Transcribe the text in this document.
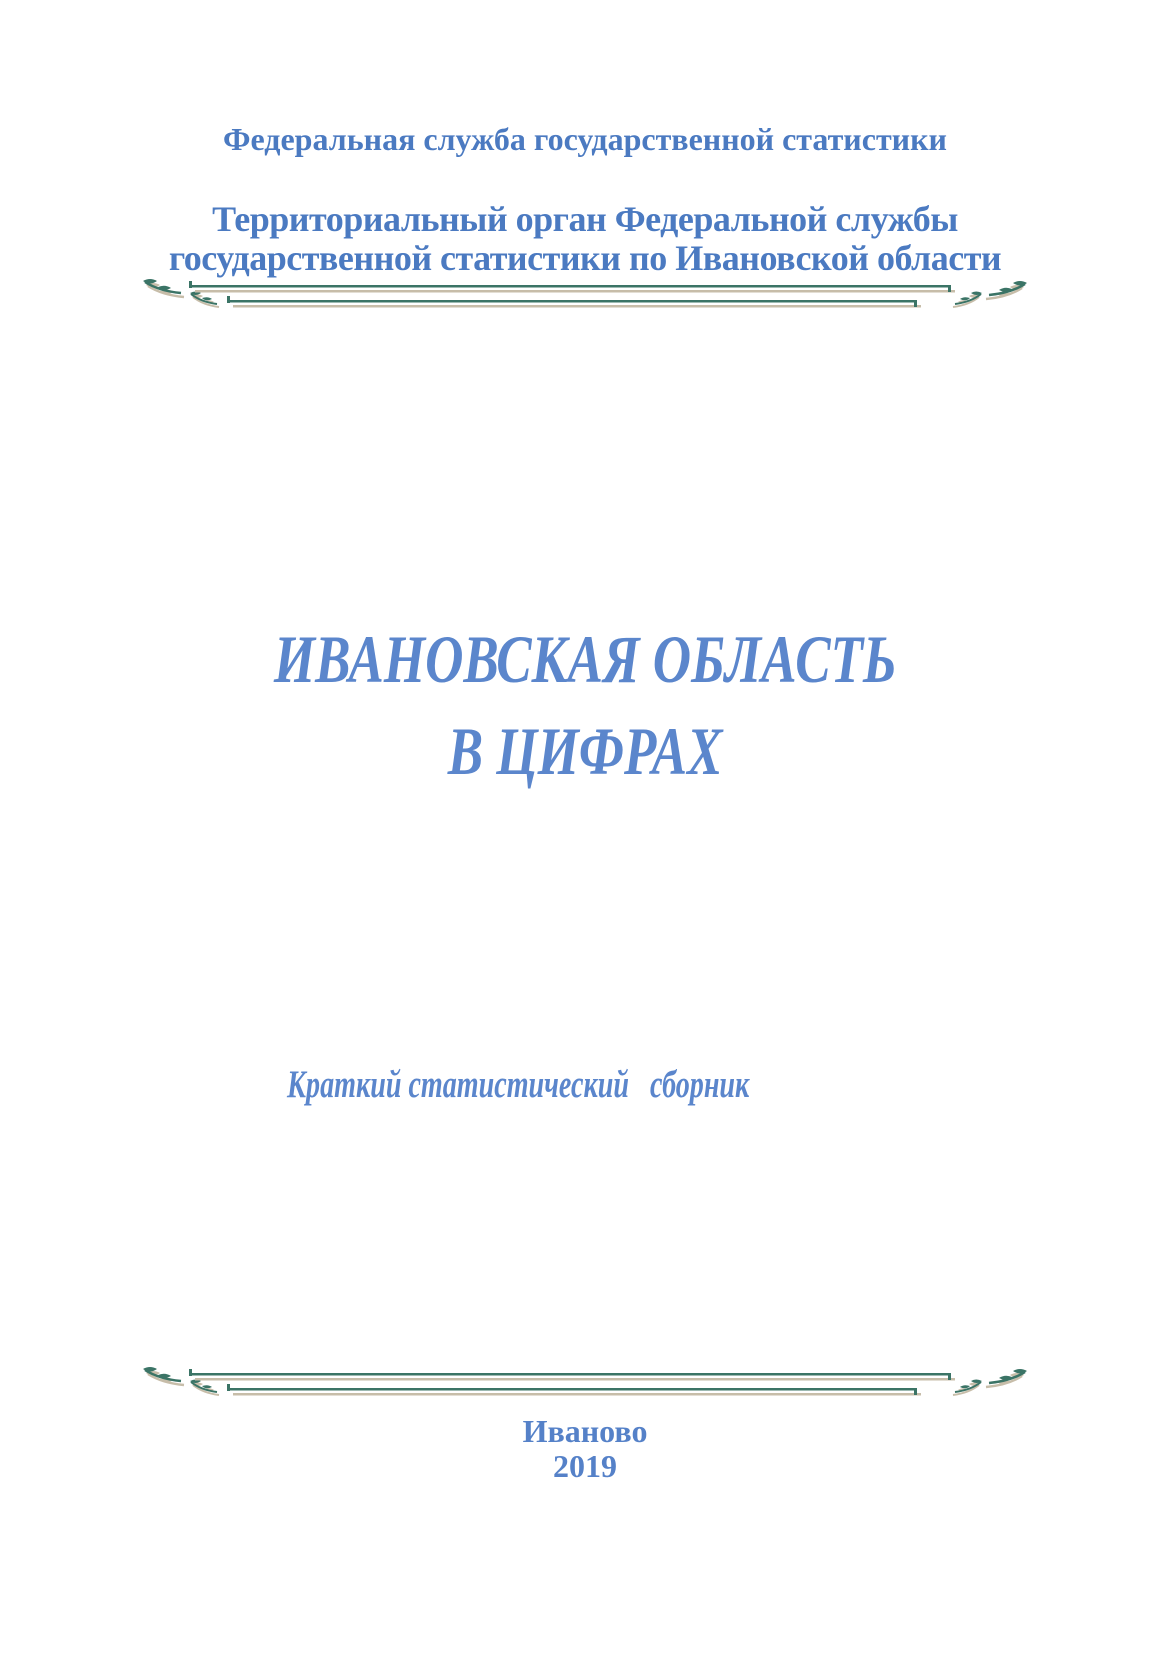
Федеральная служба государственной статистики
Территориальный орган Федеральной службы
государственной статистики по Ивановской области
ИВАНОВСКАЯ ОБЛАСТЬ
В ЦИФРАХ
Краткий статистический   сборник
Иваново
2019
